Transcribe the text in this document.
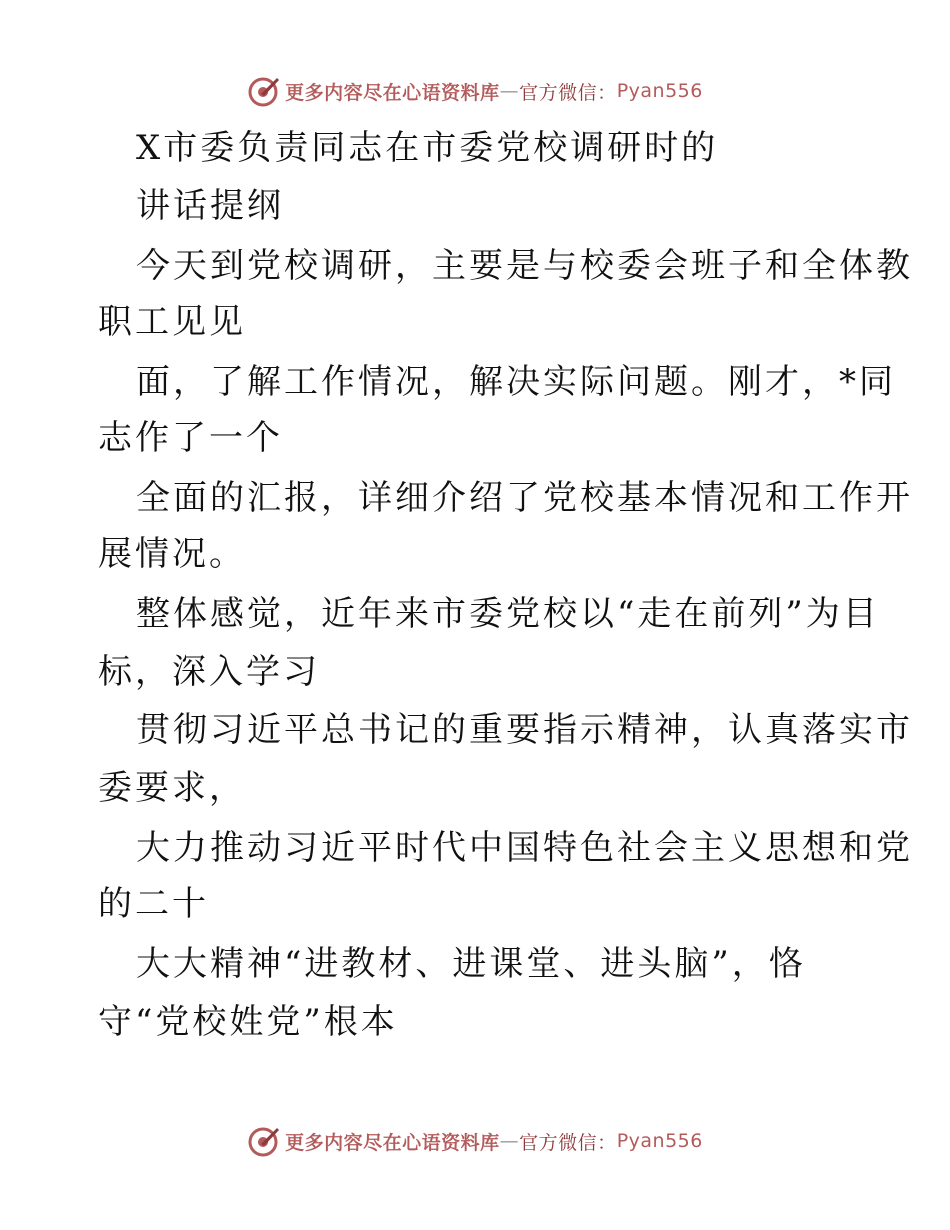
更多内容尽在心语资料库 — 官方微信： Pyan556
X市委负责同志在市委党校调研时的
讲话提纲
今天到党校调研，主要是与校委会班子和全体教
职工见见
面，了解工作情况，解决实际问题。刚才，*同
志作了一个
全面的汇报，详细介绍了党校基本情况和工作开
展情况。
整体感觉，近年来市委党校以“走在前列”为目
标，深入学习
贯彻习近平总书记的重要指示精神，认真落实市
委要求，
大力推动习近平时代中国特色社会主义思想和党
的二十
大大精神“进教材、进课堂、进头脑”，恪
守“党校姓党”根本
更多内容尽在心语资料库 — 官方微信： Pyan556
